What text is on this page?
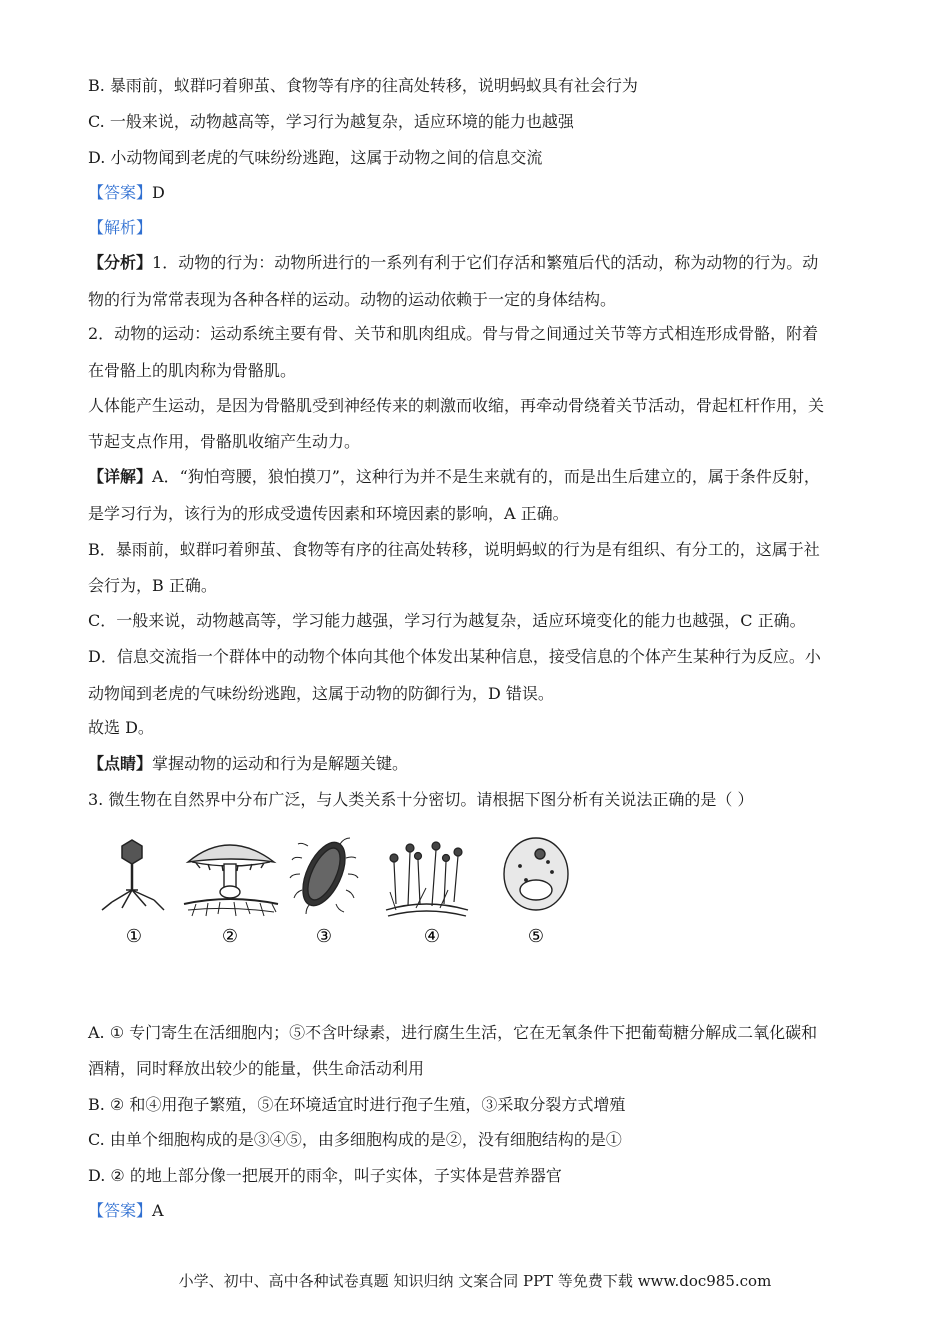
B. 暴雨前，蚁群叼着卵茧、食物等有序的往高处转移，说明蚂蚁具有社会行为
C. 一般来说，动物越高等，学习行为越复杂，适应环境的能力也越强
D. 小动物闻到老虎的气味纷纷逃跑，这属于动物之间的信息交流
【答案】D
【解析】
【分析】1．动物的行为：动物所进行的一系列有利于它们存活和繁殖后代的活动，称为动物的行为。动
物的行为常常表现为各种各样的运动。动物的运动依赖于一定的身体结构。
2．动物的运动：运动系统主要有骨、关节和肌肉组成。骨与骨之间通过关节等方式相连形成骨骼，附着
在骨骼上的肌肉称为骨骼肌。
人体能产生运动，是因为骨骼肌受到神经传来的刺激而收缩，再牵动骨绕着关节活动，骨起杠杆作用，关
节起支点作用，骨骼肌收缩产生动力。
【详解】A．“狗怕弯腰，狼怕摸刀”，这种行为并不是生来就有的，而是出生后建立的，属于条件反射，
是学习行为，该行为的形成受遗传因素和环境因素的影响，A 正确。
B．暴雨前，蚁群叼着卵茧、食物等有序的往高处转移，说明蚂蚁的行为是有组织、有分工的，这属于社
会行为，B 正确。
C．一般来说，动物越高等，学习能力越强，学习行为越复杂，适应环境变化的能力也越强，C 正确。
D．信息交流指一个群体中的动物个体向其他个体发出某种信息，接受信息的个体产生某种行为反应。小
动物闻到老虎的气味纷纷逃跑，这属于动物的防御行为，D 错误。
故选 D。
【点睛】掌握动物的运动和行为是解题关键。
3. 微生物在自然界中分布广泛，与人类关系十分密切。请根据下图分析有关说法正确的是（ ）
①	②	③	④	⑤
A. ① 专门寄生在活细胞内；⑤不含叶绿素，进行腐生生活，它在无氧条件下把葡萄糖分解成二氧化碳和
酒精，同时释放出较少的能量，供生命活动利用
B. ② 和④用孢子繁殖，⑤在环境适宜时进行孢子生殖，③采取分裂方式增殖
C. 由单个细胞构成的是③④⑤，由多细胞构成的是②，没有细胞结构的是①
D. ② 的地上部分像一把展开的雨伞，叫子实体，子实体是营养器官
【答案】A
小学、初中、高中各种试卷真题 知识归纳 文案合同 PPT 等免费下载 www.doc985.com
